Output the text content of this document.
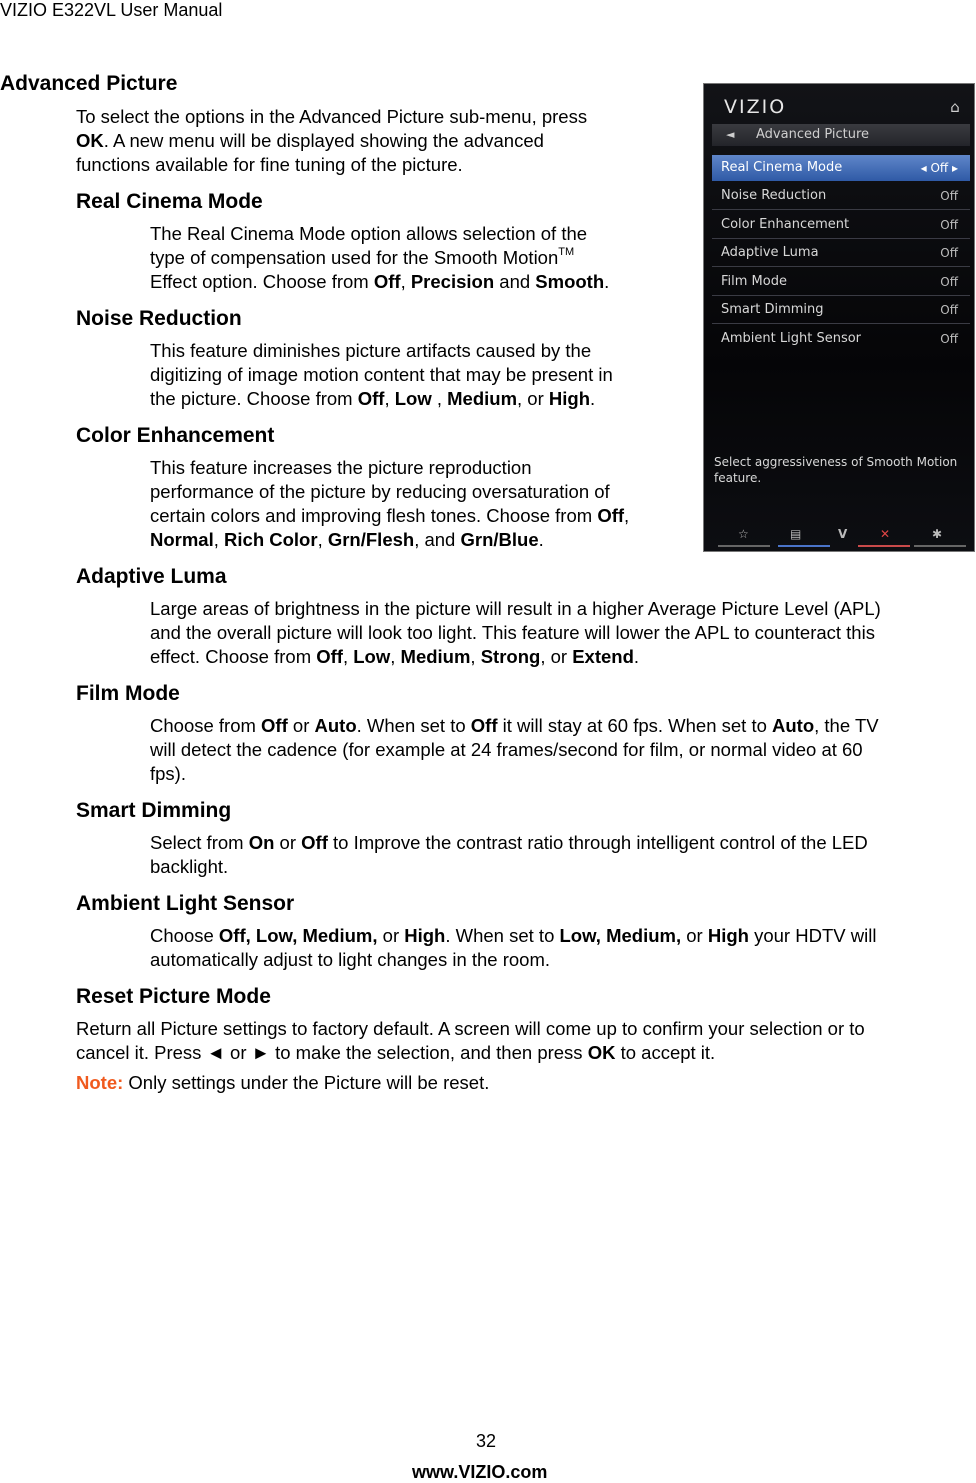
VIZIO E322VL User Manual
Advanced Picture
To select the options in the Advanced Picture sub-menu, press
OK. A new menu will be displayed showing the advanced
functions available for fine tuning of the picture.
Real Cinema Mode
The Real Cinema Mode option allows selection of the
type of compensation used for the Smooth Motion™
Effect option. Choose from Off, Precision and Smooth.
Noise Reduction
This feature diminishes picture artifacts caused by the
digitizing of image motion content that may be present in
the picture. Choose from Off, Low , Medium, or High.
Color Enhancement
This feature increases the picture reproduction
performance of the picture by reducing oversaturation of
certain colors and improving flesh tones. Choose from Off,
Normal, Rich Color, Grn/Flesh, and Grn/Blue.
Adaptive Luma
Large areas of brightness in the picture will result in a higher Average Picture Level (APL)
and the overall picture will look too light. This feature will lower the APL to counteract this
effect. Choose from Off, Low, Medium, Strong, or Extend.
Film Mode
Choose from Off or Auto. When set to Off it will stay at 60 fps. When set to Auto, the TV
will detect the cadence (for example at 24 frames/second for film, or normal video at 60
fps).
Smart Dimming
Select from On or Off to Improve the contrast ratio through intelligent control of the LED
backlight.
Ambient Light Sensor
Choose Off, Low, Medium, or High. When set to Low, Medium, or High your HDTV will
automatically adjust to light changes in the room.
Reset Picture Mode
Return all Picture settings to factory default. A screen will come up to confirm your selection or to
cancel it. Press ◄ or ► to make the selection, and then press OK to accept it.
Note: Only settings under the Picture will be reset.
VIZIO	⌂
◄ Advanced Picture
Real Cinema Mode	◂ Off ▸
Noise Reduction	Off
Color Enhancement	Off
Adaptive Luma	Off
Film Mode	Off
Smart Dimming	Off
Ambient Light Sensor	Off
Select aggressiveness of Smooth Motion feature.
☆	▤	V	✕	✱
32
www.VIZIO.com
